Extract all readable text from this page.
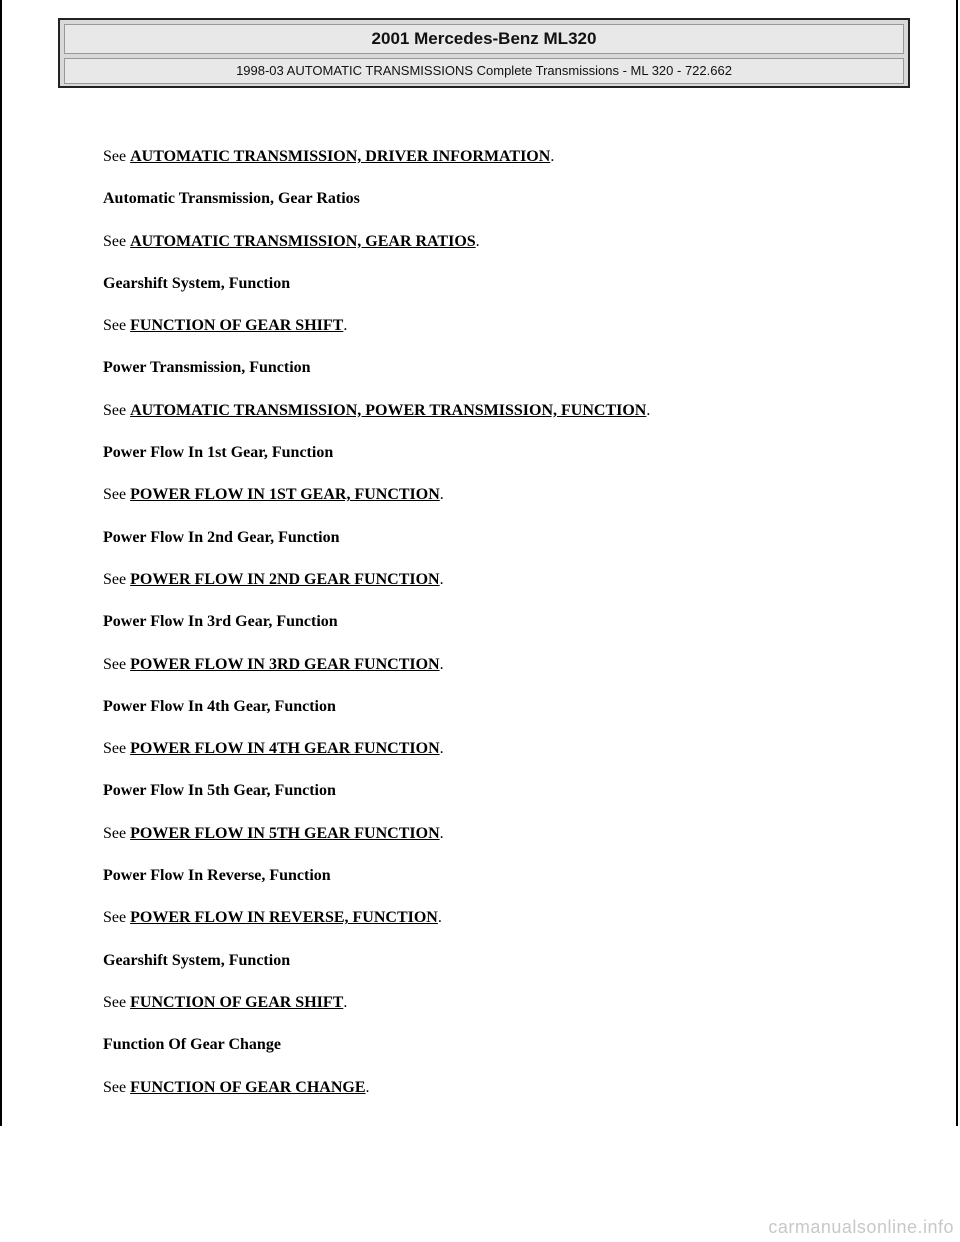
2001 Mercedes-Benz ML320
1998-03 AUTOMATIC TRANSMISSIONS Complete Transmissions - ML 320 - 722.662
See AUTOMATIC TRANSMISSION, DRIVER INFORMATION.
Automatic Transmission, Gear Ratios
See AUTOMATIC TRANSMISSION, GEAR RATIOS.
Gearshift System, Function
See FUNCTION OF GEAR SHIFT.
Power Transmission, Function
See AUTOMATIC TRANSMISSION, POWER TRANSMISSION, FUNCTION.
Power Flow In 1st Gear, Function
See POWER FLOW IN 1ST GEAR, FUNCTION.
Power Flow In 2nd Gear, Function
See POWER FLOW IN 2ND GEAR FUNCTION.
Power Flow In 3rd Gear, Function
See POWER FLOW IN 3RD GEAR FUNCTION.
Power Flow In 4th Gear, Function
See POWER FLOW IN 4TH GEAR FUNCTION.
Power Flow In 5th Gear, Function
See POWER FLOW IN 5TH GEAR FUNCTION.
Power Flow In Reverse, Function
See POWER FLOW IN REVERSE, FUNCTION.
Gearshift System, Function
See FUNCTION OF GEAR SHIFT.
Function Of Gear Change
See FUNCTION OF GEAR CHANGE.
carmanualsonline.info
